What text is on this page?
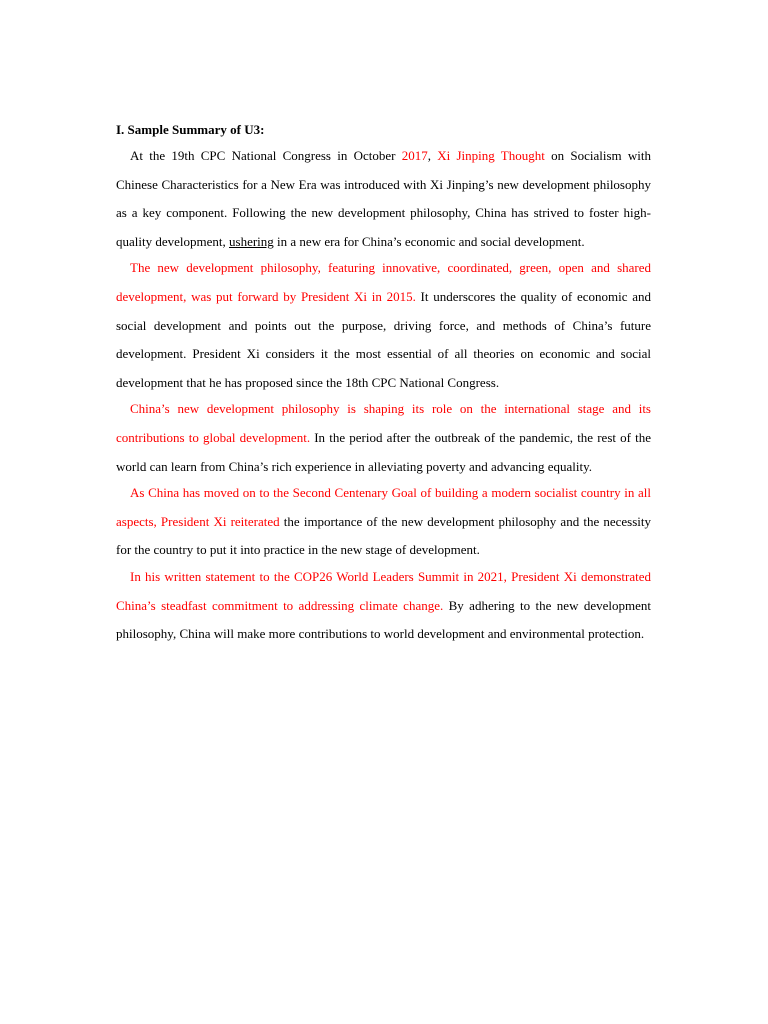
I. Sample Summary of U3:

At the 19th CPC National Congress in October 2017, Xi Jinping Thought on Socialism with Chinese Characteristics for a New Era was introduced with Xi Jinping’s new development philosophy as a key component. Following the new development philosophy, China has strived to foster high-quality development, ushering in a new era for China’s economic and social development.

The new development philosophy, featuring innovative, coordinated, green, open and shared development, was put forward by President Xi in 2015. It underscores the quality of economic and social development and points out the purpose, driving force, and methods of China’s future development. President Xi considers it the most essential of all theories on economic and social development that he has proposed since the 18th CPC National Congress.

China’s new development philosophy is shaping its role on the international stage and its contributions to global development. In the period after the outbreak of the pandemic, the rest of the world can learn from China’s rich experience in alleviating poverty and advancing equality.

As China has moved on to the Second Centenary Goal of building a modern socialist country in all aspects, President Xi reiterated the importance of the new development philosophy and the necessity for the country to put it into practice in the new stage of development.

In his written statement to the COP26 World Leaders Summit in 2021, President Xi demonstrated China’s steadfast commitment to addressing climate change. By adhering to the new development philosophy, China will make more contributions to world development and environmental protection.
